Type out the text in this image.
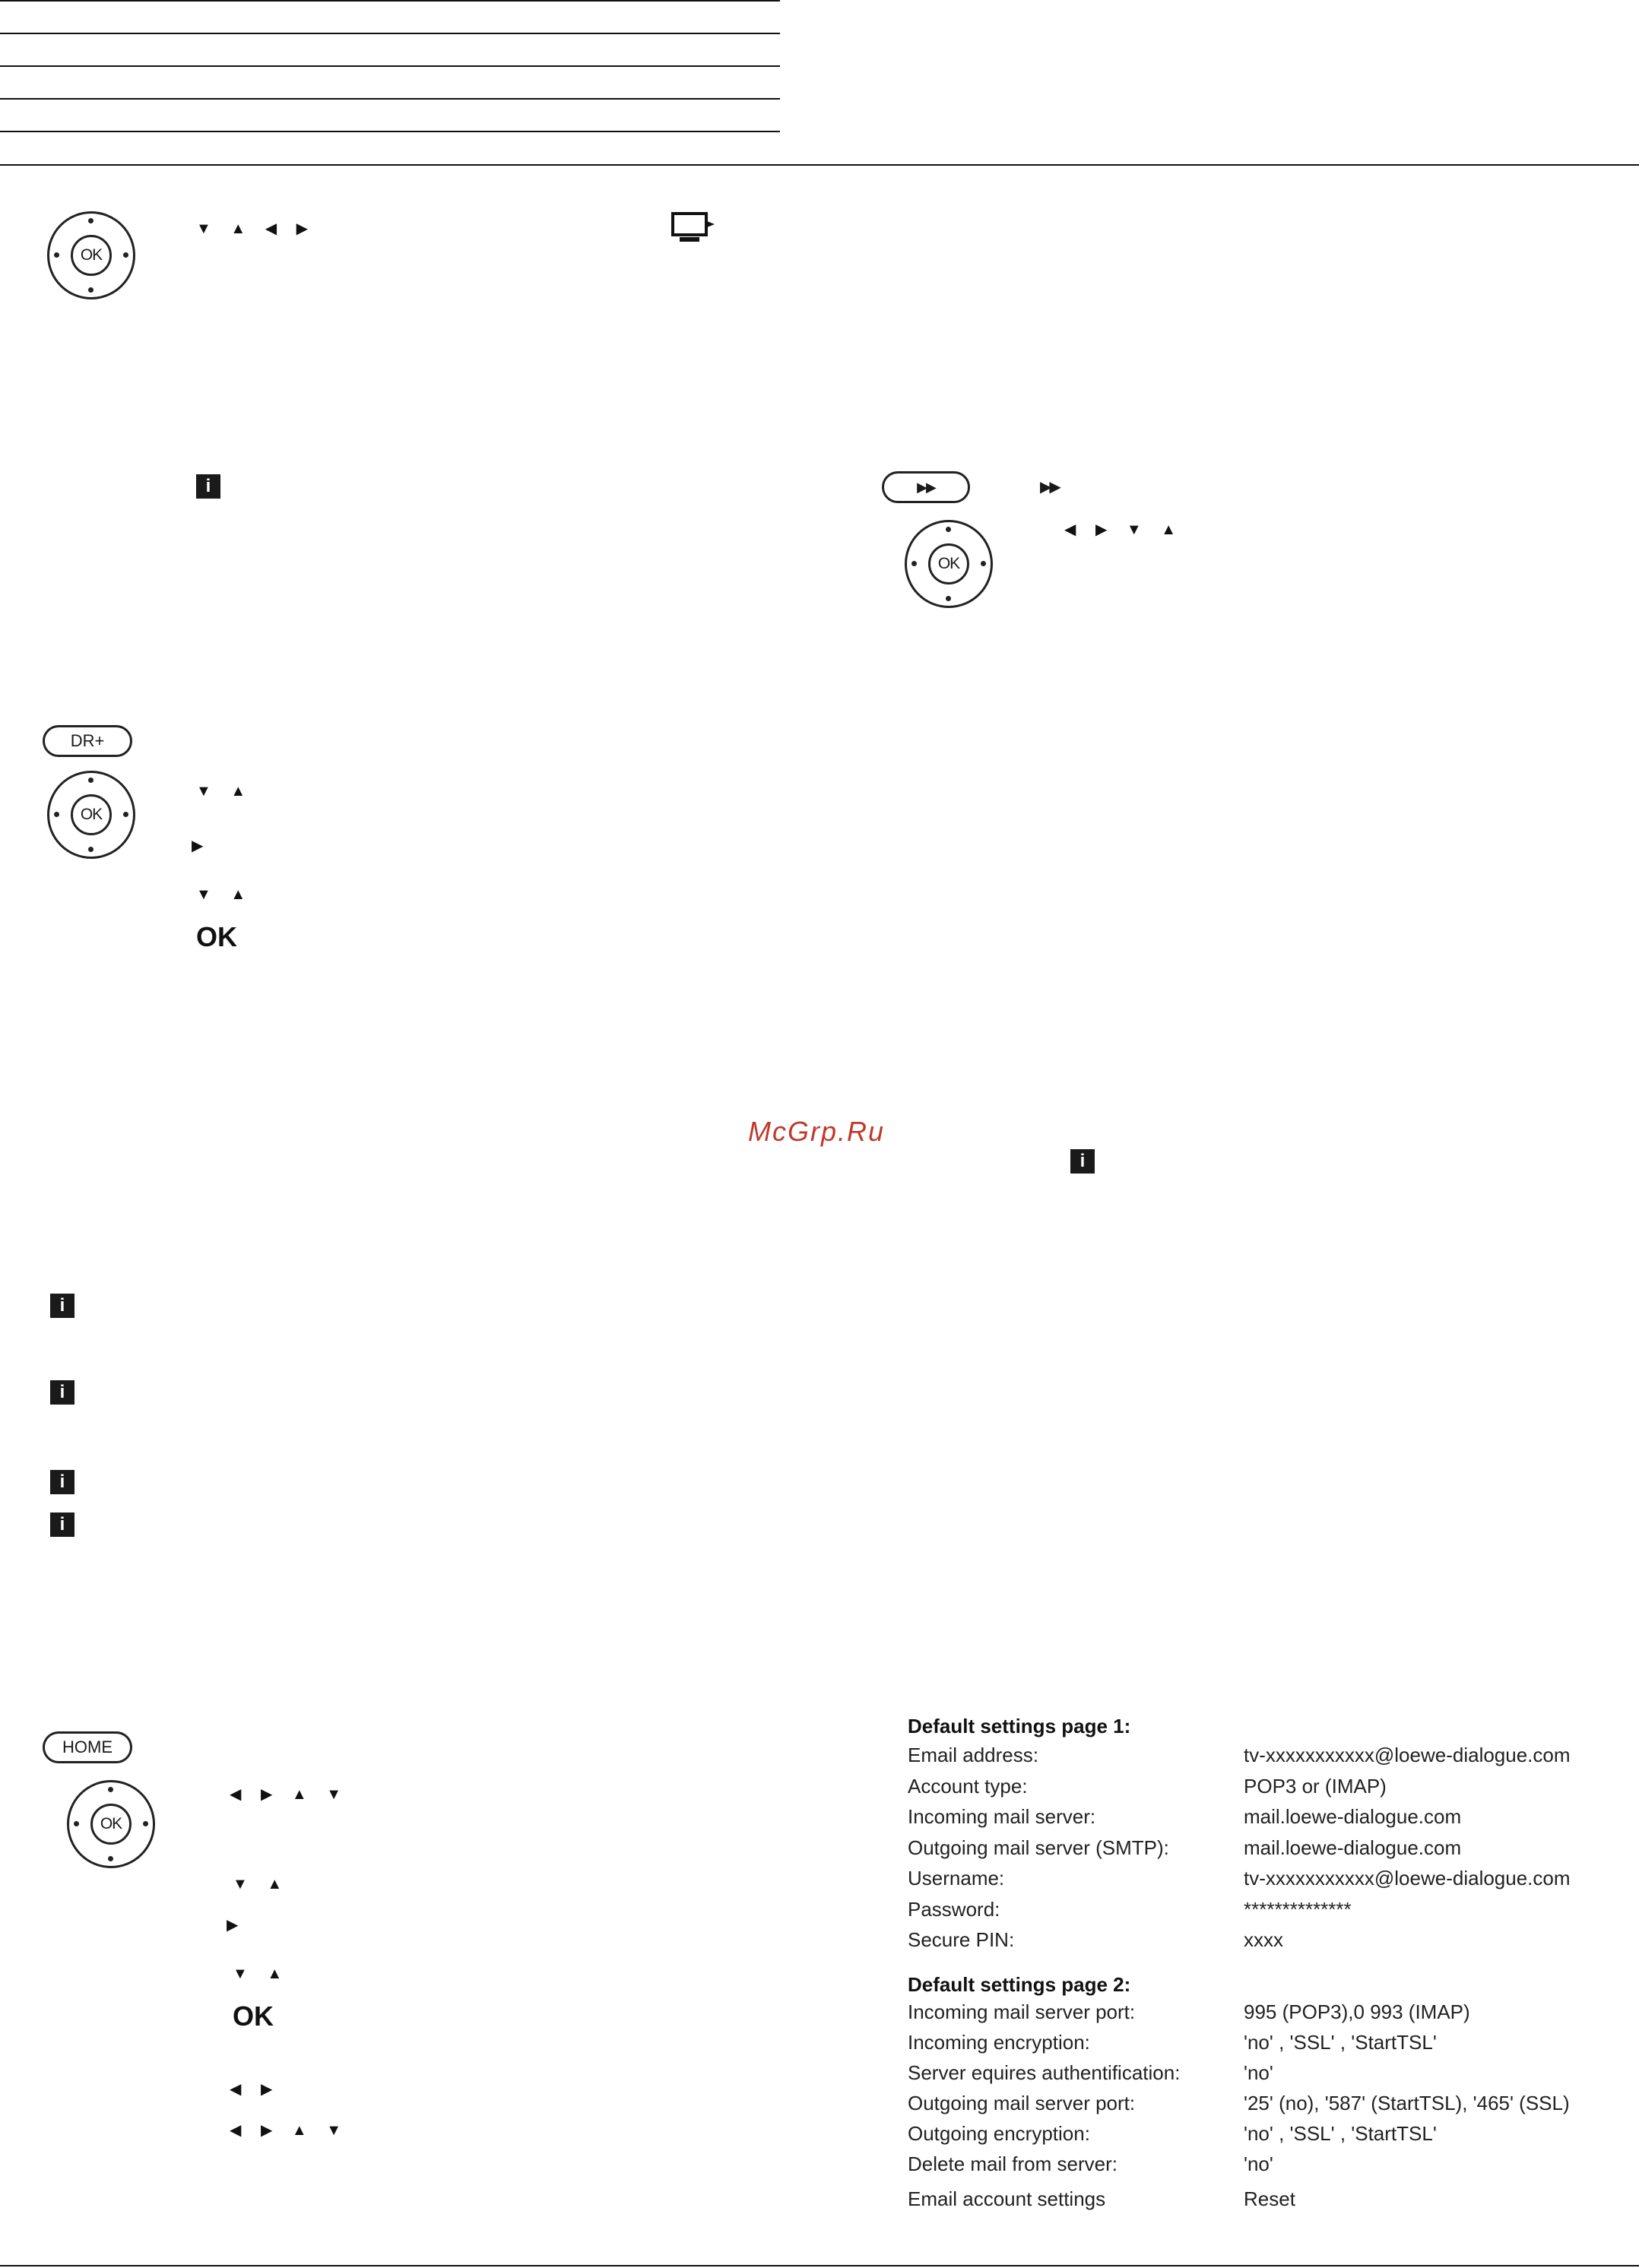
OK
▼ ▲ ◀ ▶
i	▶▶	▶▶
◀ ▶ ▼ ▲
OK
DR+
OK
▼ ▲
▶
▼ ▲
OK
McGrp.Ru
i
i
i
i
i
HOME
OK
◀ ▶ ▲ ▼
▼ ▲
▶
▼ ▲
OK
◀ ▶
◀ ▶ ▲ ▼
Default settings page 1:
Email address:	tv-xxxxxxxxxxx@loewe-dialogue.com
Account type:	POP3 or (IMAP)
Incoming mail server:	mail.loewe-dialogue.com
Outgoing mail server (SMTP):	mail.loewe-dialogue.com
Username:	tv-xxxxxxxxxxx@loewe-dialogue.com
Password:	**************
Secure PIN:	xxxx
Default settings page 2:
Incoming mail server port:	995 (POP3),0 993 (IMAP)
Incoming encryption:	'no' , 'SSL' , 'StartTSL'
Server equires authentification:	'no'
Outgoing mail server port:	'25' (no), '587' (StartTSL), '465' (SSL)
Outgoing encryption:	'no' , 'SSL' , 'StartTSL'
Delete mail from server:	'no'
Email account settings	Reset
